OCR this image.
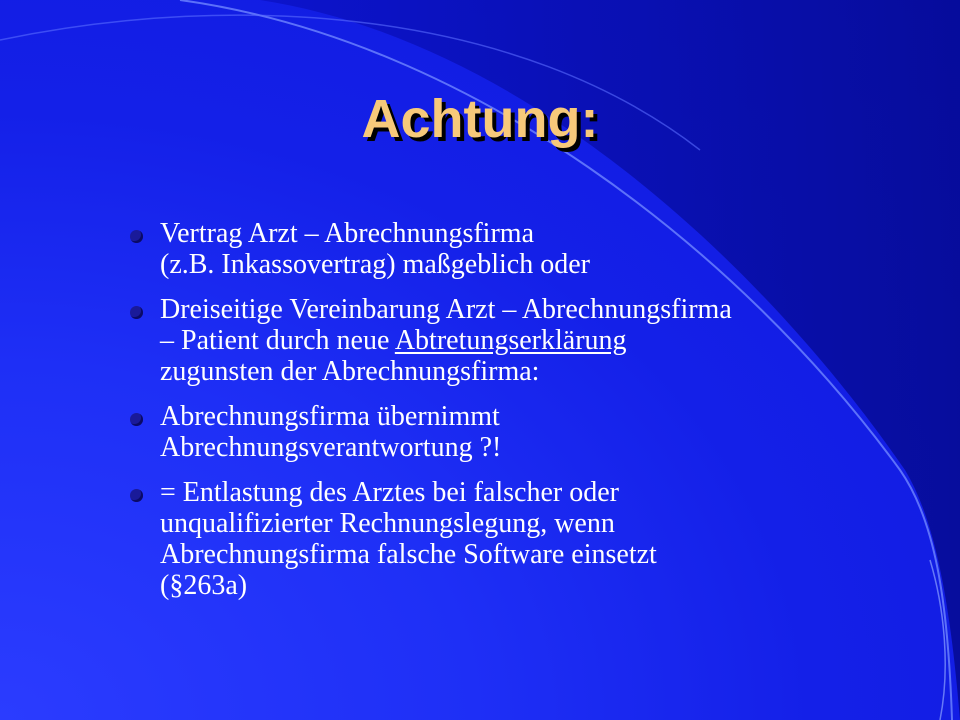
Achtung:
Vertrag Arzt – Abrechnungsfirma
(z.B. Inkassovertrag) maßgeblich oder
Dreiseitige Vereinbarung Arzt – Abrechnungsfirma
– Patient durch neue Abtretungserklärung
zugunsten der Abrechnungsfirma:
Abrechnungsfirma übernimmt
Abrechnungsverantwortung ?!
= Entlastung des Arztes bei falscher oder
unqualifizierter Rechnungslegung, wenn
Abrechnungsfirma falsche Software einsetzt
(§263a)
